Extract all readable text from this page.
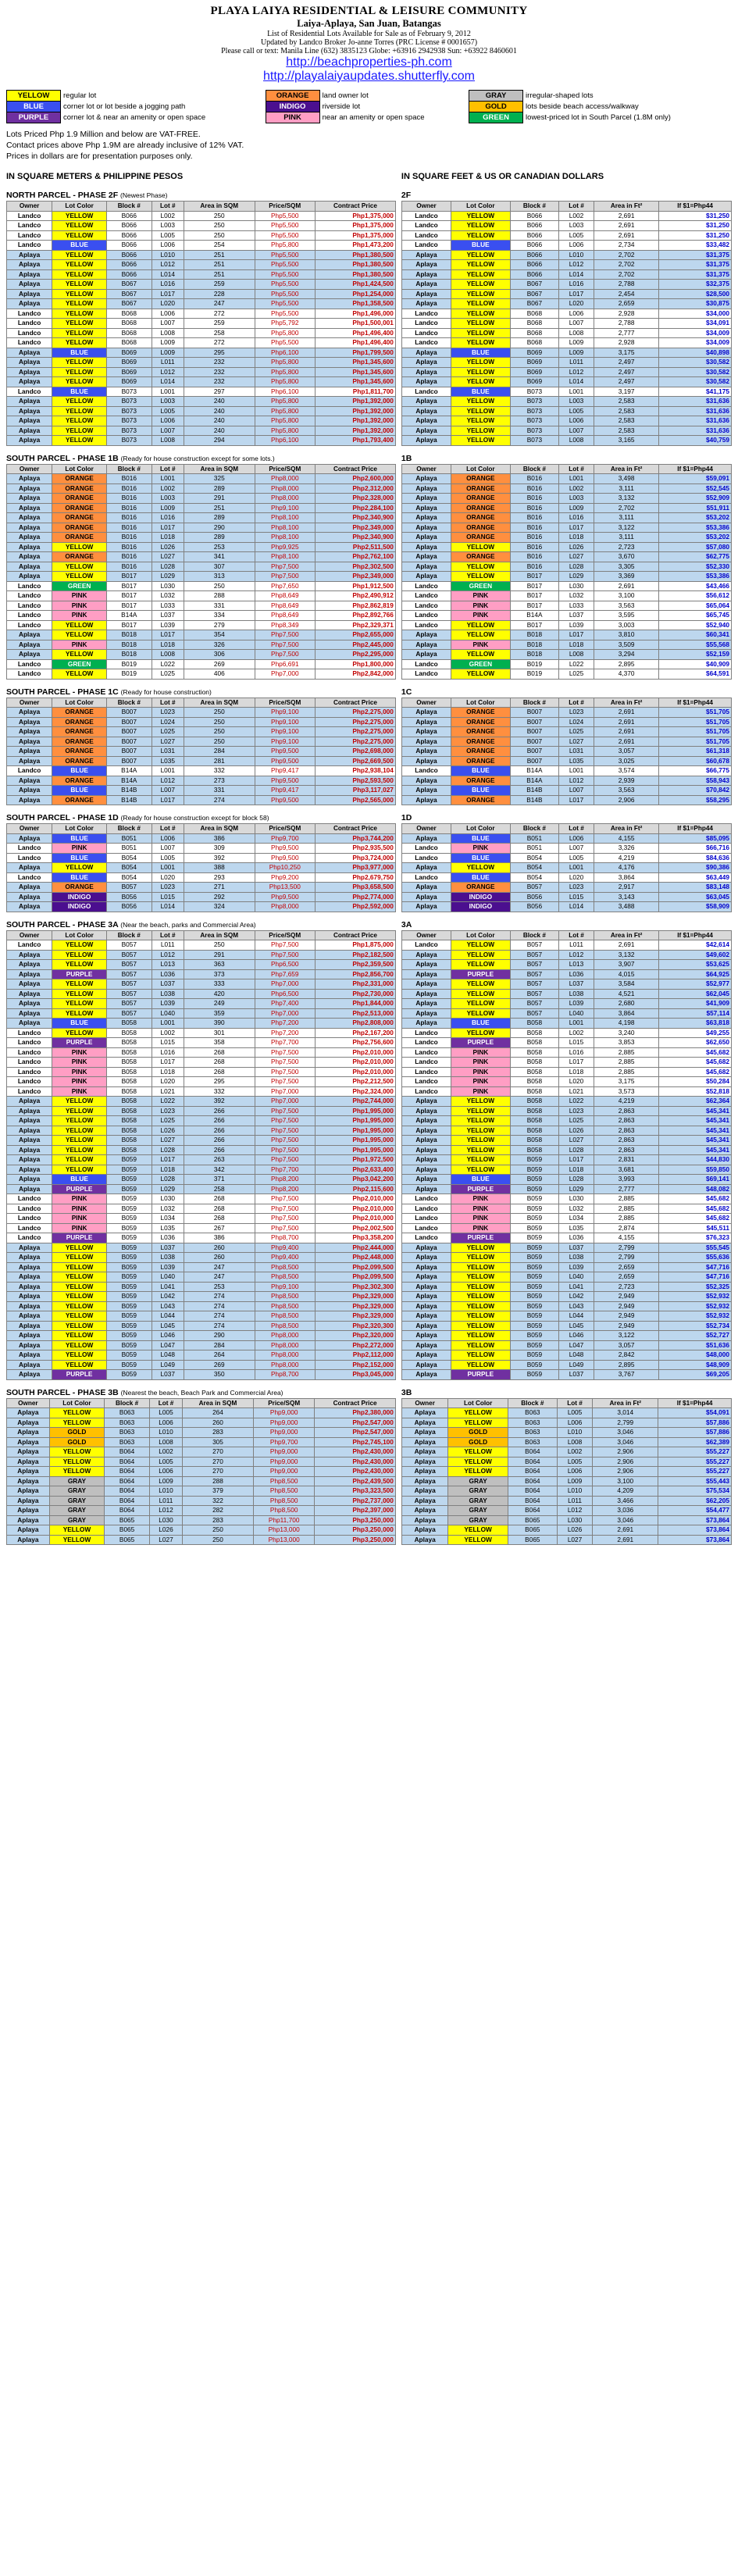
PLAYA LAIYA RESIDENTIAL & LEISURE COMMUNITY
Laiya-Aplaya, San Juan, Batangas
List of Residential Lots Available for Sale as of February 9, 2012
Updated by Landco Broker Jo-anne Torres (PRC License # 0001657)
Please call or text: Manila Line (632) 3835123 Globe: +63916 2942938 Sun: +63922 8460601
http://beachproperties-ph.com
http://playalaiyaupdates.shutterfly.com
YELLOW	regular lot	ORANGE	land owner lot	GRAY	irregular-shaped lots
BLUE	corner lot or lot beside a jogging path	INDIGO	riverside lot	GOLD	lots beside beach access/walkway
PURPLE	corner lot & near an amenity or open space	PINK	near an amenity or open space	GREEN	lowest-priced lot in South Parcel (1.8M only)
Lots Priced Php 1.9 Million and below are VAT-FREE.
Contact prices above Php 1.9M are already inclusive of 12% VAT.
Prices in dollars are for presentation purposes only.
IN SQUARE METERS & PHILIPPINE PESOS	IN SQUARE FEET & US OR CANADIAN DOLLARS
NORTH PARCEL - PHASE 2F (Newest Phase)
Owner	Lot Color	Block #	Lot #	Area in SQM	Price/SQM	Contract Price
Landco	YELLOW	B066	L002	250	Php5,500	Php1,375,000
Landco	YELLOW	B066	L003	250	Php5,500	Php1,375,000
Landco	YELLOW	B066	L005	250	Php5,500	Php1,375,000
Landco	BLUE	B066	L006	254	Php5,800	Php1,473,200
Aplaya	YELLOW	B066	L010	251	Php5,500	Php1,380,500
Aplaya	YELLOW	B066	L012	251	Php5,500	Php1,380,500
Aplaya	YELLOW	B066	L014	251	Php5,500	Php1,380,500
Aplaya	YELLOW	B067	L016	259	Php5,500	Php1,424,500
Aplaya	YELLOW	B067	L017	228	Php5,500	Php1,254,000
Aplaya	YELLOW	B067	L020	247	Php5,500	Php1,358,500
Landco	YELLOW	B068	L006	272	Php5,500	Php1,496,000
Landco	YELLOW	B068	L007	259	Php5,792	Php1,500,001
Landco	YELLOW	B068	L008	258	Php5,800	Php1,496,400
Landco	YELLOW	B068	L009	272	Php5,500	Php1,496,400
Aplaya	BLUE	B069	L009	295	Php6,100	Php1,799,500
Aplaya	YELLOW	B069	L011	232	Php5,800	Php1,345,600
Aplaya	YELLOW	B069	L012	232	Php5,800	Php1,345,600
Aplaya	YELLOW	B069	L014	232	Php5,800	Php1,345,600
Landco	BLUE	B073	L001	297	Php6,100	Php1,811,700
Aplaya	YELLOW	B073	L003	240	Php5,800	Php1,392,000
Aplaya	YELLOW	B073	L005	240	Php5,800	Php1,392,000
Aplaya	YELLOW	B073	L006	240	Php5,800	Php1,392,000
Aplaya	YELLOW	B073	L007	240	Php5,800	Php1,392,000
Aplaya	YELLOW	B073	L008	294	Php6,100	Php1,793,400
2F
Owner	Lot Color	Block #	Lot #	Area in Ft²	If $1=Php44
Landco	YELLOW	B066	L002	2,691	$31,250
Landco	YELLOW	B066	L003	2,691	$31,250
Landco	YELLOW	B066	L005	2,691	$31,250
Landco	BLUE	B066	L006	2,734	$33,482
Aplaya	YELLOW	B066	L010	2,702	$31,375
Aplaya	YELLOW	B066	L012	2,702	$31,375
Aplaya	YELLOW	B066	L014	2,702	$31,375
Aplaya	YELLOW	B067	L016	2,788	$32,375
Aplaya	YELLOW	B067	L017	2,454	$28,500
Aplaya	YELLOW	B067	L020	2,659	$30,875
Landco	YELLOW	B068	L006	2,928	$34,000
Landco	YELLOW	B068	L007	2,788	$34,091
Landco	YELLOW	B068	L008	2,777	$34,009
Landco	YELLOW	B068	L009	2,928	$34,009
Aplaya	BLUE	B069	L009	3,175	$40,898
Aplaya	YELLOW	B069	L011	2,497	$30,582
Aplaya	YELLOW	B069	L012	2,497	$30,582
Aplaya	YELLOW	B069	L014	2,497	$30,582
Landco	BLUE	B073	L001	3,197	$41,175
Aplaya	YELLOW	B073	L003	2,583	$31,636
Aplaya	YELLOW	B073	L005	2,583	$31,636
Aplaya	YELLOW	B073	L006	2,583	$31,636
Aplaya	YELLOW	B073	L007	2,583	$31,636
Aplaya	YELLOW	B073	L008	3,165	$40,759
SOUTH PARCEL - PHASE 1B (Ready for house construction except for some lots.)
Owner	Lot Color	Block #	Lot #	Area in SQM	Price/SQM	Contract Price
Aplaya	ORANGE	B016	L001	325	Php8,000	Php2,600,000
Aplaya	ORANGE	B016	L002	289	Php8,000	Php2,312,000
Aplaya	ORANGE	B016	L003	291	Php8,000	Php2,328,000
Aplaya	ORANGE	B016	L009	251	Php9,100	Php2,284,100
Aplaya	ORANGE	B016	L016	289	Php8,100	Php2,340,900
Aplaya	ORANGE	B016	L017	290	Php8,100	Php2,349,000
Aplaya	ORANGE	B016	L018	289	Php8,100	Php2,340,900
Aplaya	YELLOW	B016	L026	253	Php9,925	Php2,511,500
Aplaya	ORANGE	B016	L027	341	Php8,100	Php2,762,100
Aplaya	YELLOW	B016	L028	307	Php7,500	Php2,302,500
Aplaya	YELLOW	B017	L029	313	Php7,500	Php2,349,000
Landco	GREEN	B017	L030	250	Php7,650	Php1,912,500
Landco	PINK	B017	L032	288	Php8,649	Php2,490,912
Landco	PINK	B017	L033	331	Php8,649	Php2,862,819
Landco	PINK	B14A	L037	334	Php8,649	Php2,892,766
Landco	YELLOW	B017	L039	279	Php8,349	Php2,329,371
Aplaya	YELLOW	B018	L017	354	Php7,500	Php2,655,000
Aplaya	PINK	B018	L018	326	Php7,500	Php2,445,000
Aplaya	YELLOW	B018	L008	306	Php7,500	Php2,295,000
Landco	GREEN	B019	L022	269	Php6,691	Php1,800,000
Landco	YELLOW	B019	L025	406	Php7,000	Php2,842,000
1B
Owner	Lot Color	Block #	Lot #	Area in Ft²	If $1=Php44
Aplaya	ORANGE	B016	L001	3,498	$59,091
Aplaya	ORANGE	B016	L002	3,111	$52,545
Aplaya	ORANGE	B016	L003	3,132	$52,909
Aplaya	ORANGE	B016	L009	2,702	$51,911
Aplaya	ORANGE	B016	L016	3,111	$53,202
Aplaya	ORANGE	B016	L017	3,122	$53,386
Aplaya	ORANGE	B016	L018	3,111	$53,202
Aplaya	YELLOW	B016	L026	2,723	$57,080
Aplaya	ORANGE	B016	L027	3,670	$62,775
Aplaya	YELLOW	B016	L028	3,305	$52,330
Aplaya	YELLOW	B017	L029	3,369	$53,386
Landco	GREEN	B017	L030	2,691	$43,466
Landco	PINK	B017	L032	3,100	$56,612
Landco	PINK	B017	L033	3,563	$65,064
Landco	PINK	B14A	L037	3,595	$65,745
Landco	YELLOW	B017	L039	3,003	$52,940
Aplaya	YELLOW	B018	L017	3,810	$60,341
Aplaya	PINK	B018	L018	3,509	$55,568
Aplaya	YELLOW	B018	L008	3,294	$52,159
Landco	GREEN	B019	L022	2,895	$40,909
Landco	YELLOW	B019	L025	4,370	$64,591
SOUTH PARCEL - PHASE 1C (Ready for house construction)
Owner	Lot Color	Block #	Lot #	Area in SQM	Price/SQM	Contract Price
Aplaya	ORANGE	B007	L023	250	Php9,100	Php2,275,000
Aplaya	ORANGE	B007	L024	250	Php9,100	Php2,275,000
Aplaya	ORANGE	B007	L025	250	Php9,100	Php2,275,000
Aplaya	ORANGE	B007	L027	250	Php9,100	Php2,275,000
Aplaya	ORANGE	B007	L031	284	Php9,500	Php2,698,000
Aplaya	ORANGE	B007	L035	281	Php9,500	Php2,669,500
Landco	BLUE	B14A	L001	332	Php9,417	Php2,938,104
Aplaya	ORANGE	B14A	L012	273	Php9,500	Php2,593,500
Aplaya	BLUE	B14B	L007	331	Php9,417	Php3,117,027
Aplaya	ORANGE	B14B	L017	274	Php9,500	Php2,565,000
1C
Owner	Lot Color	Block #	Lot #	Area in Ft²	If $1=Php44
Aplaya	ORANGE	B007	L023	2,691	$51,705
Aplaya	ORANGE	B007	L024	2,691	$51,705
Aplaya	ORANGE	B007	L025	2,691	$51,705
Aplaya	ORANGE	B007	L027	2,691	$51,705
Aplaya	ORANGE	B007	L031	3,057	$61,318
Aplaya	ORANGE	B007	L035	3,025	$60,678
Landco	BLUE	B14A	L001	3,574	$66,775
Aplaya	ORANGE	B14A	L012	2,939	$58,943
Aplaya	BLUE	B14B	L007	3,563	$70,842
Aplaya	ORANGE	B14B	L017	2,906	$58,295
SOUTH PARCEL - PHASE 1D (Ready for house construction except for block 58)
Owner	Lot Color	Block #	Lot #	Area in SQM	Price/SQM	Contract Price
Aplaya	BLUE	B051	L006	386	Php9,700	Php3,744,200
Landco	PINK	B051	L007	309	Php9,500	Php2,935,500
Landco	BLUE	B054	L005	392	Php9,500	Php3,724,000
Aplaya	YELLOW	B054	L001	388	Php10,250	Php3,977,000
Landco	BLUE	B054	L020	293	Php9,200	Php2,679,750
Aplaya	ORANGE	B057	L023	271	Php13,500	Php3,658,500
Aplaya	INDIGO	B056	L015	292	Php9,500	Php2,774,000
Aplaya	INDIGO	B056	L014	324	Php8,000	Php2,592,000
1D
Owner	Lot Color	Block #	Lot #	Area in Ft²	If $1=Php44
Aplaya	BLUE	B051	L006	4,155	$85,095
Landco	PINK	B051	L007	3,326	$66,716
Landco	BLUE	B054	L005	4,219	$84,636
Aplaya	YELLOW	B054	L001	4,176	$90,386
Landco	BLUE	B054	L020	3,864	$63,449
Aplaya	ORANGE	B057	L023	2,917	$83,148
Aplaya	INDIGO	B056	L015	3,143	$63,045
Aplaya	INDIGO	B056	L014	3,488	$58,909
SOUTH PARCEL - PHASE 3A (Near the beach, parks and Commercial Area)
Owner	Lot Color	Block #	Lot #	Area in SQM	Price/SQM	Contract Price
Landco	YELLOW	B057	L011	250	Php7,500	Php1,875,000
Aplaya	YELLOW	B057	L012	291	Php7,500	Php2,182,500
Aplaya	YELLOW	B057	L013	363	Php6,500	Php2,359,500
Aplaya	PURPLE	B057	L036	373	Php7,659	Php2,856,700
Aplaya	YELLOW	B057	L037	333	Php7,000	Php2,331,000
Aplaya	YELLOW	B057	L038	420	Php6,500	Php2,730,000
Aplaya	YELLOW	B057	L039	249	Php7,400	Php1,844,000
Aplaya	YELLOW	B057	L040	359	Php7,000	Php2,513,000
Aplaya	BLUE	B058	L001	390	Php7,200	Php2,808,000
Landco	YELLOW	B058	L002	301	Php7,200	Php2,167,200
Landco	PURPLE	B058	L015	358	Php7,700	Php2,756,600
Landco	PINK	B058	L016	268	Php7,500	Php2,010,000
Landco	PINK	B058	L017	268	Php7,500	Php2,010,000
Landco	PINK	B058	L018	268	Php7,500	Php2,010,000
Landco	PINK	B058	L020	295	Php7,500	Php2,212,500
Landco	PINK	B058	L021	332	Php7,000	Php2,324,000
Aplaya	YELLOW	B058	L022	392	Php7,000	Php2,744,000
Aplaya	YELLOW	B058	L023	266	Php7,500	Php1,995,000
Aplaya	YELLOW	B058	L025	266	Php7,500	Php1,995,000
Aplaya	YELLOW	B058	L026	266	Php7,500	Php1,995,000
Aplaya	YELLOW	B058	L027	266	Php7,500	Php1,995,000
Aplaya	YELLOW	B058	L028	266	Php7,500	Php1,995,000
Aplaya	YELLOW	B059	L017	263	Php7,500	Php1,972,500
Aplaya	YELLOW	B059	L018	342	Php7,700	Php2,633,400
Aplaya	BLUE	B059	L028	371	Php8,200	Php3,042,200
Aplaya	PURPLE	B059	L029	258	Php8,200	Php2,115,600
Landco	PINK	B059	L030	268	Php7,500	Php2,010,000
Landco	PINK	B059	L032	268	Php7,500	Php2,010,000
Landco	PINK	B059	L034	268	Php7,500	Php2,010,000
Landco	PINK	B059	L035	267	Php7,500	Php2,002,500
Landco	PURPLE	B059	L036	386	Php8,700	Php3,358,200
Aplaya	YELLOW	B059	L037	260	Php9,400	Php2,444,000
Aplaya	YELLOW	B059	L038	260	Php9,400	Php2,448,000
Aplaya	YELLOW	B059	L039	247	Php8,500	Php2,099,500
Aplaya	YELLOW	B059	L040	247	Php8,500	Php2,099,500
Aplaya	YELLOW	B059	L041	253	Php9,100	Php2,302,300
Aplaya	YELLOW	B059	L042	274	Php8,500	Php2,329,000
Aplaya	YELLOW	B059	L043	274	Php8,500	Php2,329,000
Aplaya	YELLOW	B059	L044	274	Php8,500	Php2,329,000
Aplaya	YELLOW	B059	L045	274	Php8,500	Php2,320,300
Aplaya	YELLOW	B059	L046	290	Php8,000	Php2,320,000
Aplaya	YELLOW	B059	L047	284	Php8,000	Php2,272,000
Aplaya	YELLOW	B059	L048	264	Php8,000	Php2,112,000
Aplaya	YELLOW	B059	L049	269	Php8,000	Php2,152,000
Aplaya	PURPLE	B059	L037	350	Php8,700	Php3,045,000
3A
Owner	Lot Color	Block #	Lot #	Area in Ft²	If $1=Php44
Landco	YELLOW	B057	L011	2,691	$42,614
Aplaya	YELLOW	B057	L012	3,132	$49,602
Aplaya	YELLOW	B057	L013	3,907	$53,625
Aplaya	PURPLE	B057	L036	4,015	$64,925
Aplaya	YELLOW	B057	L037	3,584	$52,977
Aplaya	YELLOW	B057	L038	4,521	$62,045
Aplaya	YELLOW	B057	L039	2,680	$41,909
Aplaya	YELLOW	B057	L040	3,864	$57,114
Aplaya	BLUE	B058	L001	4,198	$63,818
Landco	YELLOW	B058	L002	3,240	$49,255
Landco	PURPLE	B058	L015	3,853	$62,650
Landco	PINK	B058	L016	2,885	$45,682
Landco	PINK	B058	L017	2,885	$45,682
Landco	PINK	B058	L018	2,885	$45,682
Landco	PINK	B058	L020	3,175	$50,284
Landco	PINK	B058	L021	3,573	$52,818
Aplaya	YELLOW	B058	L022	4,219	$62,364
Aplaya	YELLOW	B058	L023	2,863	$45,341
Aplaya	YELLOW	B058	L025	2,863	$45,341
Aplaya	YELLOW	B058	L026	2,863	$45,341
Aplaya	YELLOW	B058	L027	2,863	$45,341
Aplaya	YELLOW	B058	L028	2,863	$45,341
Aplaya	YELLOW	B059	L017	2,831	$44,830
Aplaya	YELLOW	B059	L018	3,681	$59,850
Aplaya	BLUE	B059	L028	3,993	$69,141
Aplaya	PURPLE	B059	L029	2,777	$48,082
Landco	PINK	B059	L030	2,885	$45,682
Landco	PINK	B059	L032	2,885	$45,682
Landco	PINK	B059	L034	2,885	$45,682
Landco	PINK	B059	L035	2,874	$45,511
Landco	PURPLE	B059	L036	4,155	$76,323
Aplaya	YELLOW	B059	L037	2,799	$55,545
Aplaya	YELLOW	B059	L038	2,799	$55,636
Aplaya	YELLOW	B059	L039	2,659	$47,716
Aplaya	YELLOW	B059	L040	2,659	$47,716
Aplaya	YELLOW	B059	L041	2,723	$52,325
Aplaya	YELLOW	B059	L042	2,949	$52,932
Aplaya	YELLOW	B059	L043	2,949	$52,932
Aplaya	YELLOW	B059	L044	2,949	$52,932
Aplaya	YELLOW	B059	L045	2,949	$52,734
Aplaya	YELLOW	B059	L046	3,122	$52,727
Aplaya	YELLOW	B059	L047	3,057	$51,636
Aplaya	YELLOW	B059	L048	2,842	$48,000
Aplaya	YELLOW	B059	L049	2,895	$48,909
Aplaya	PURPLE	B059	L037	3,767	$69,205
SOUTH PARCEL - PHASE 3B (Nearest the beach, Beach Park and Commercial Area)
Owner	Lot Color	Block #	Lot #	Area in SQM	Price/SQM	Contract Price
Aplaya	YELLOW	B063	L005	264	Php9,000	Php2,380,000
Aplaya	YELLOW	B063	L006	260	Php9,000	Php2,547,000
Aplaya	GOLD	B063	L010	283	Php9,000	Php2,547,000
Aplaya	GOLD	B063	L008	305	Php9,700	Php2,745,100
Aplaya	YELLOW	B064	L002	270	Php9,000	Php2,430,000
Aplaya	YELLOW	B064	L005	270	Php9,000	Php2,430,000
Aplaya	YELLOW	B064	L006	270	Php9,000	Php2,430,000
Aplaya	GRAY	B064	L009	288	Php8,500	Php2,439,500
Aplaya	GRAY	B064	L010	379	Php8,500	Php3,323,500
Aplaya	GRAY	B064	L011	322	Php8,500	Php2,737,000
Aplaya	GRAY	B064	L012	282	Php8,500	Php2,397,000
Aplaya	GRAY	B065	L030	283	Php11,700	Php3,250,000
Aplaya	YELLOW	B065	L026	250	Php13,000	Php3,250,000
Aplaya	YELLOW	B065	L027	250	Php13,000	Php3,250,000
3B
Owner	Lot Color	Block #	Lot #	Area in Ft²	If $1=Php44
Aplaya	YELLOW	B063	L005	3,014	$54,091
Aplaya	YELLOW	B063	L006	2,799	$57,886
Aplaya	GOLD	B063	L010	3,046	$57,886
Aplaya	GOLD	B063	L008	3,046	$62,389
Aplaya	YELLOW	B064	L002	2,906	$55,227
Aplaya	YELLOW	B064	L005	2,906	$55,227
Aplaya	YELLOW	B064	L006	2,906	$55,227
Aplaya	GRAY	B064	L009	3,100	$55,443
Aplaya	GRAY	B064	L010	4,209	$75,534
Aplaya	GRAY	B064	L011	3,466	$62,205
Aplaya	GRAY	B064	L012	3,036	$54,477
Aplaya	GRAY	B065	L030	3,046	$73,864
Aplaya	YELLOW	B065	L026	2,691	$73,864
Aplaya	YELLOW	B065	L027	2,691	$73,864
